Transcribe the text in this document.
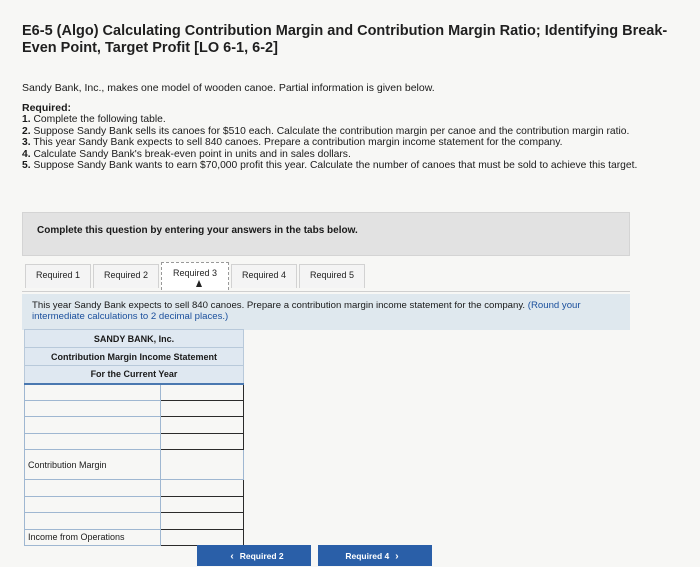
E6-5 (Algo) Calculating Contribution Margin and Contribution Margin Ratio; Identifying Break-Even Point, Target Profit [LO 6-1, 6-2]
Sandy Bank, Inc., makes one model of wooden canoe. Partial information is given below.
Required:
1. Complete the following table.
2. Suppose Sandy Bank sells its canoes for $510 each. Calculate the contribution margin per canoe and the contribution margin ratio.
3. This year Sandy Bank expects to sell 840 canoes. Prepare a contribution margin income statement for the company.
4. Calculate Sandy Bank's break-even point in units and in sales dollars.
5. Suppose Sandy Bank wants to earn $70,000 profit this year. Calculate the number of canoes that must be sold to achieve this target.
Complete this question by entering your answers in the tabs below.
Required 1	Required 2	Required 3	Required 4	Required 5
This year Sandy Bank expects to sell 840 canoes. Prepare a contribution margin income statement for the company. (Round your intermediate calculations to 2 decimal places.)
SANDY BANK, Inc.	
Contribution Margin Income Statement	
For the Current Year	

Contribution Margin	

Income from Operations	
‹ Required 2	Required 4 ›
